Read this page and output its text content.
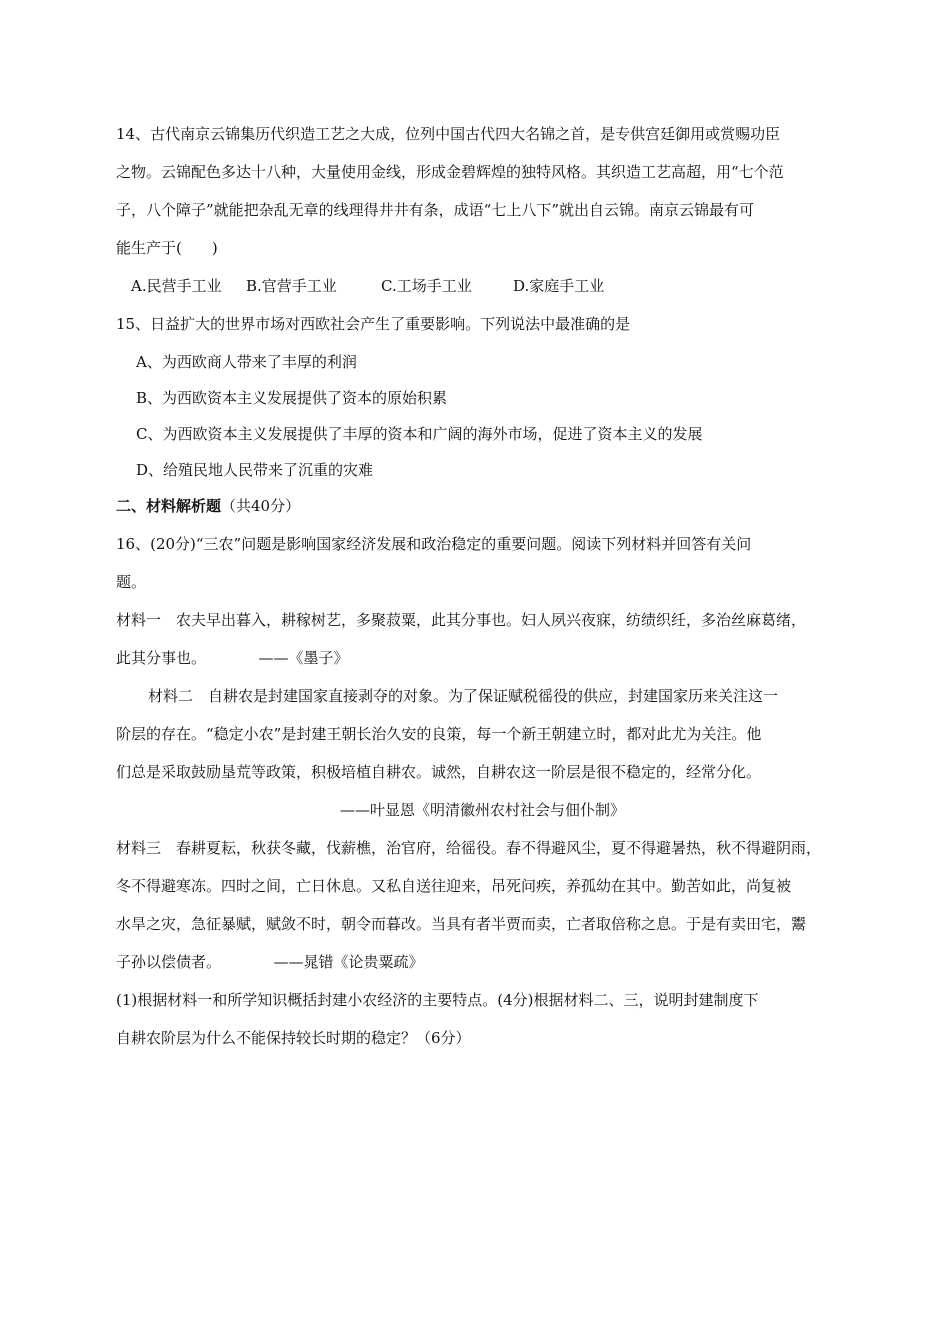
14、古代南京云锦集历代织造工艺之大成，位列中国古代四大名锦之首，是专供宫廷御用或赏赐功臣
之物。云锦配色多达十八种，大量使用金线，形成金碧辉煌的独特风格。其织造工艺高超，用“七个范
子，八个障子”就能把杂乱无章的线理得井井有条，成语“七上八下”就出自云锦。南京云锦最有可
能生产于(　　)
A.民营手工业 B.官营手工业	C.工场手工业	D.家庭手工业
15、日益扩大的世界市场对西欧社会产生了重要影响。下列说法中最准确的是
A、为西欧商人带来了丰厚的利润
B、为西欧资本主义发展提供了资本的原始积累
C、为西欧资本主义发展提供了丰厚的资本和广阔的海外市场，促进了资本主义的发展
D、给殖民地人民带来了沉重的灾难
二、材料解析题（共40分）
16、(20分)“三农”问题是影响国家经济发展和政治稳定的重要问题。阅读下列材料并回答有关问
题。
材料一　农夫早出暮入，耕稼树艺，多聚菽粟，此其分事也。妇人夙兴夜寐，纺绩织纴，多治丝麻葛绪，
此其分事也。　　　　——《墨子》
材料二　自耕农是封建国家直接剥夺的对象。为了保证赋税徭役的供应，封建国家历来关注这一
阶层的存在。“稳定小农”是封建王朝长治久安的良策，每一个新王朝建立时，都对此尤为关注。他
们总是采取鼓励垦荒等政策，积极培植自耕农。诚然，自耕农这一阶层是很不稳定的，经常分化。
——叶显恩《明清徽州农村社会与佃仆制》
材料三　春耕夏耘，秋获冬藏，伐薪樵，治官府，给徭役。春不得避风尘，夏不得避暑热，秋不得避阴雨，
冬不得避寒冻。四时之间，亡日休息。又私自送往迎来，吊死问疾，养孤幼在其中。勤苦如此，尚复被
水旱之灾，急征暴赋，赋敛不时，朝令而暮改。当具有者半贾而卖，亡者取倍称之息。于是有卖田宅，鬻
子孙以偿债者。　　　　——晁错《论贵粟疏》
(1)根据材料一和所学知识概括封建小农经济的主要特点。(4分)根据材料二、三，说明封建制度下
自耕农阶层为什么不能保持较长时期的稳定？（6分）
